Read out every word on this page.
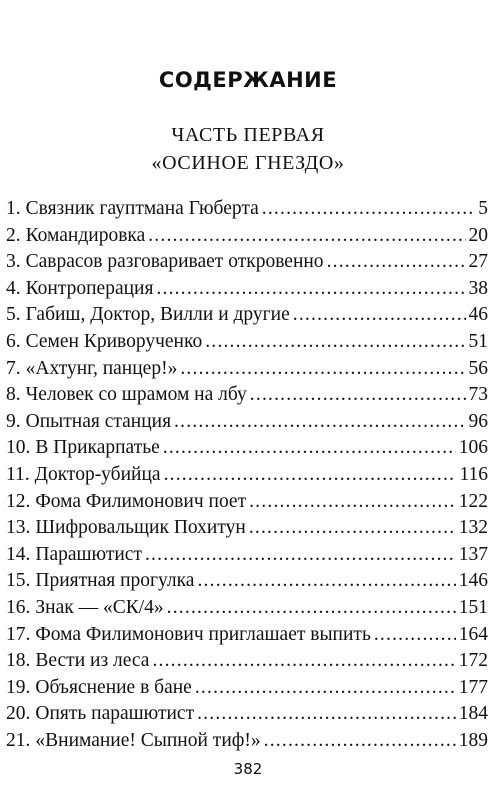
СОДЕРЖАНИЕ
ЧАСТЬ ПЕРВАЯ
«ОСИНОЕ ГНЕЗДО»
1. Связник гауптмана Гюберта .....	5
2. Командировка .....	20
3. Саврасов разговаривает откровенно .....	27
4. Контроперация .....	38
5. Габиш, Доктор, Вилли и другие .....	46
6. Семен Криворученко .....	51
7. «Ахтунг, панцер!» .....	56
8. Человек со шрамом на лбу .....	73
9. Опытная станция .....	96
10. В Прикарпатье .....	106
11. Доктор-убийца .....	116
12. Фома Филимонович поет .....	122
13. Шифровальщик Похитун .....	132
14. Парашютист .....	137
15. Приятная прогулка .....	146
16. Знак — «СК/4» .....	151
17. Фома Филимонович приглашает выпить .....	164
18. Вести из леса .....	172
19. Объяснение в бане .....	177
20. Опять парашютист .....	184
21. «Внимание! Сыпной тиф!» .....	189
382
